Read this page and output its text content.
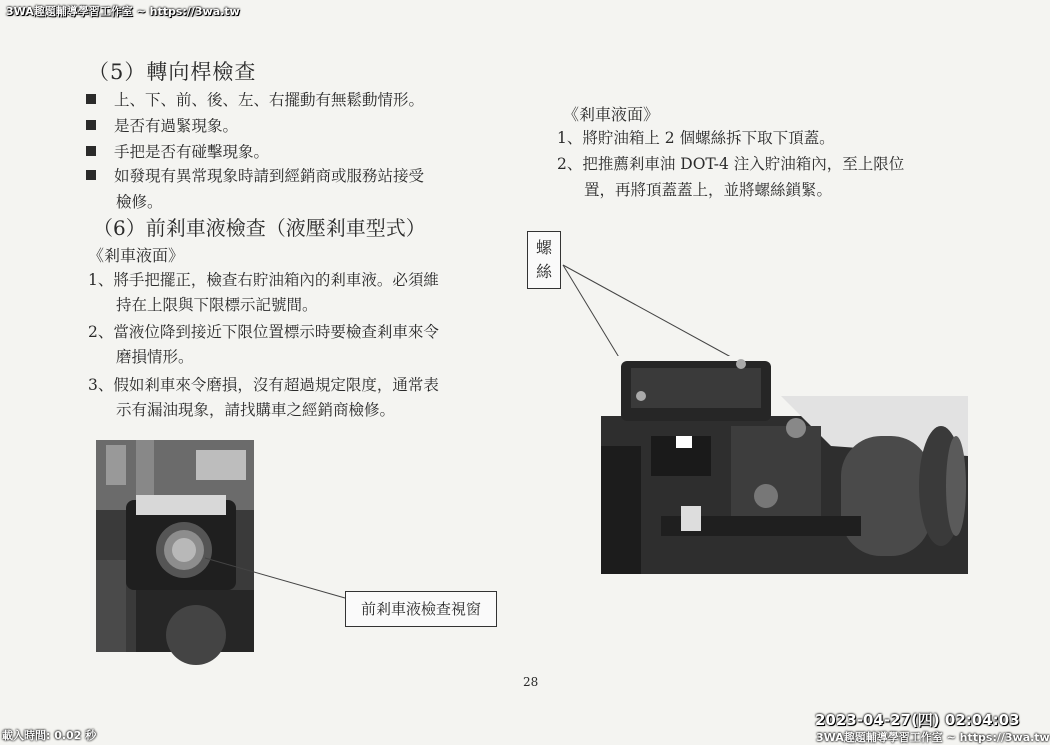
3WA趣題輔導學習工作室 ~ https://3wa.tw
（5）轉向桿檢查
上、下、前、後、左、右擺動有無鬆動情形。
是否有過緊現象。
手把是否有碰擊現象。
如發現有異常現象時請到經銷商或服務站接受
檢修。
（6）前剎車液檢查（液壓剎車型式）
《剎車液面》
1、將手把擺正，檢查右貯油箱內的剎車液。必須維
持在上限與下限標示記號間。
2、當液位降到接近下限位置標示時要檢查剎車來令
磨損情形。
3、假如剎車來令磨損，沒有超過規定限度，通常表
示有漏油現象，請找購車之經銷商檢修。
前剎車液檢查視窗
《剎車液面》
1、將貯油箱上 2 個螺絲拆下取下頂蓋。
2、把推薦剎車油 DOT-4 注入貯油箱內，至上限位
置，再將頂蓋蓋上，並將螺絲鎖緊。
螺
絲
28
載入時間: 0.02 秒
2023-04-27(四) 02:04:03
3WA趣題輔導學習工作室 ~ https://3wa.tw
